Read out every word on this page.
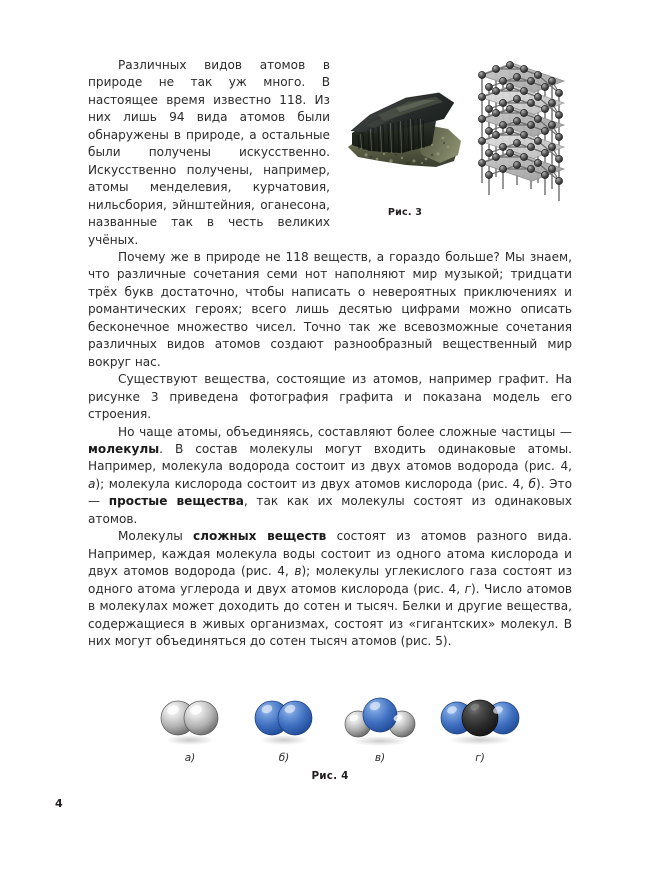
Рис. 3

Различных видов атомов в природе не так уж много. В настоящее время известно 118. Из них лишь 94 вида атомов были обнаружены в природе, а остальные были получены искусственно. Искусственно получены, например, атомы менделевия, курчатовия, нильсбория, эйнштейния, оганесона, названные так в честь великих учёных.

Почему же в природе не 118 веществ, а гораздо больше? Мы знаем, что различные сочетания семи нот наполняют мир музыкой; тридцати трёх букв достаточно, чтобы написать о невероятных приключениях и романтических героях; всего лишь десятью цифрами можно описать бесконечное множество чисел. Точно так же всевозможные сочетания различных видов атомов создают разнообразный вещественный мир вокруг нас.

Существуют вещества, состоящие из атомов, например графит. На рисунке 3 приведена фотография графита и показана модель его строения.

Но чаще атомы, объединяясь, составляют более сложные частицы — молекулы. В состав молекулы могут входить одинаковые атомы. Например, молекула водорода состоит из двух атомов водорода (рис. 4, а); молекула кислорода состоит из двух атомов кислорода (рис. 4, б). Это — простые вещества, так как их молекулы состоят из одинаковых атомов.

Молекулы сложных веществ состоят из атомов разного вида. Например, каждая молекула воды состоит из одного атома кислорода и двух атомов водорода (рис. 4, в); молекулы углекислого газа состоят из одного атома углерода и двух атомов кислорода (рис. 4, г). Число атомов в молекулах может доходить до сотен и тысяч. Белки и другие вещества, содержащиеся в живых организмах, состоят из «гигантских» молекул. В них могут объединяться до сотен тысяч атомов (рис. 5).

а)	б)	в)	г)
Рис. 4
4
